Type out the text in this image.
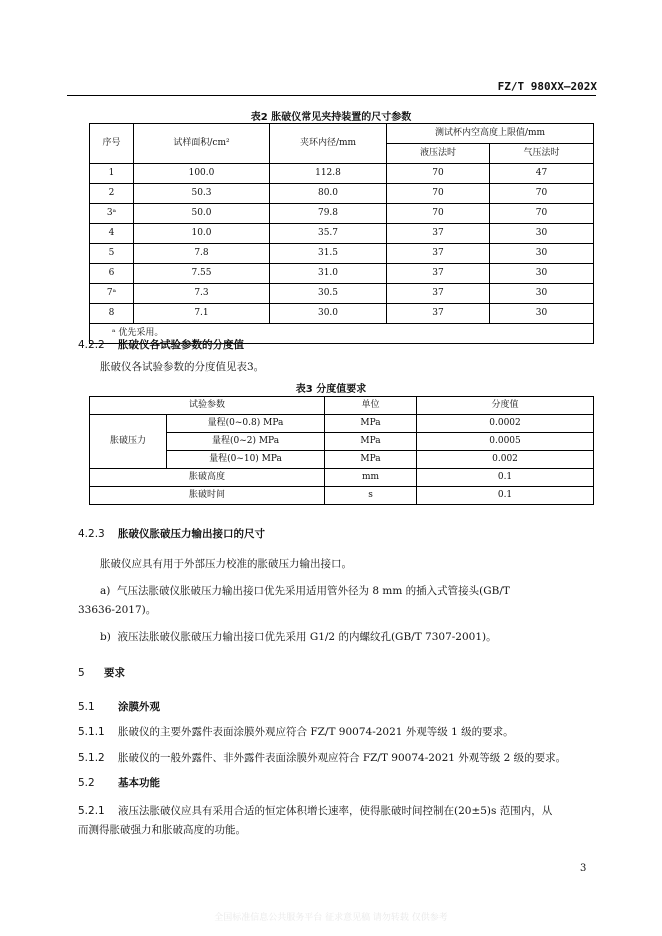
FZ/T 980XX—202X
表2 胀破仪常见夹持装置的尺寸参数
序号	试样面积/cm²	夹环内径/mm	测试杯内空高度上限值/mm	
			液压法时	气压法时
1	100.0	112.8	70	47
2	50.3	80.0	70	70
3ᵃ	50.0	79.8	70	70
4	10.0	35.7	37	30
5	7.8	31.5	37	30
6	7.55	31.0	37	30
7ᵃ	7.3	30.5	37	30
8	7.1	30.0	37	30
ᵃ 优先采用。				
4.2.2 胀破仪各试验参数的分度值
胀破仪各试验参数的分度值见表3。
表3 分度值要求
试验参数		单位	分度值
胀破压力	量程(0~0.8) MPa	MPa	0.0002
	量程(0~2) MPa	MPa	0.0005
	量程(0~10) MPa	MPa	0.002
胀破高度		mm	0.1
胀破时间		s	0.1
4.2.3 胀破仪胀破压力输出接口的尺寸
胀破仪应具有用于外部压力校准的胀破压力输出接口。
a)  气压法胀破仪胀破压力输出接口优先采用适用管外径为 8 mm 的插入式管接头(GB/T
33636-2017)。
b)  液压法胀破仪胀破压力输出接口优先采用 G1/2 的内螺纹孔(GB/T 7307-2001)。
5 要求
5.1 涂膜外观
5.1.1 胀破仪的主要外露件表面涂膜外观应符合 FZ/T 90074-2021 外观等级 1 级的要求。
5.1.2 胀破仪的一般外露件、非外露件表面涂膜外观应符合 FZ/T 90074-2021 外观等级 2 级的要求。
5.2 基本功能
5.2.1 液压法胀破仪应具有采用合适的恒定体积增长速率，使得胀破时间控制在(20±5)s 范围内，从
而测得胀破强力和胀破高度的功能。
3
全国标准信息公共服务平台 征求意见稿 请勿转载 仅供参考
